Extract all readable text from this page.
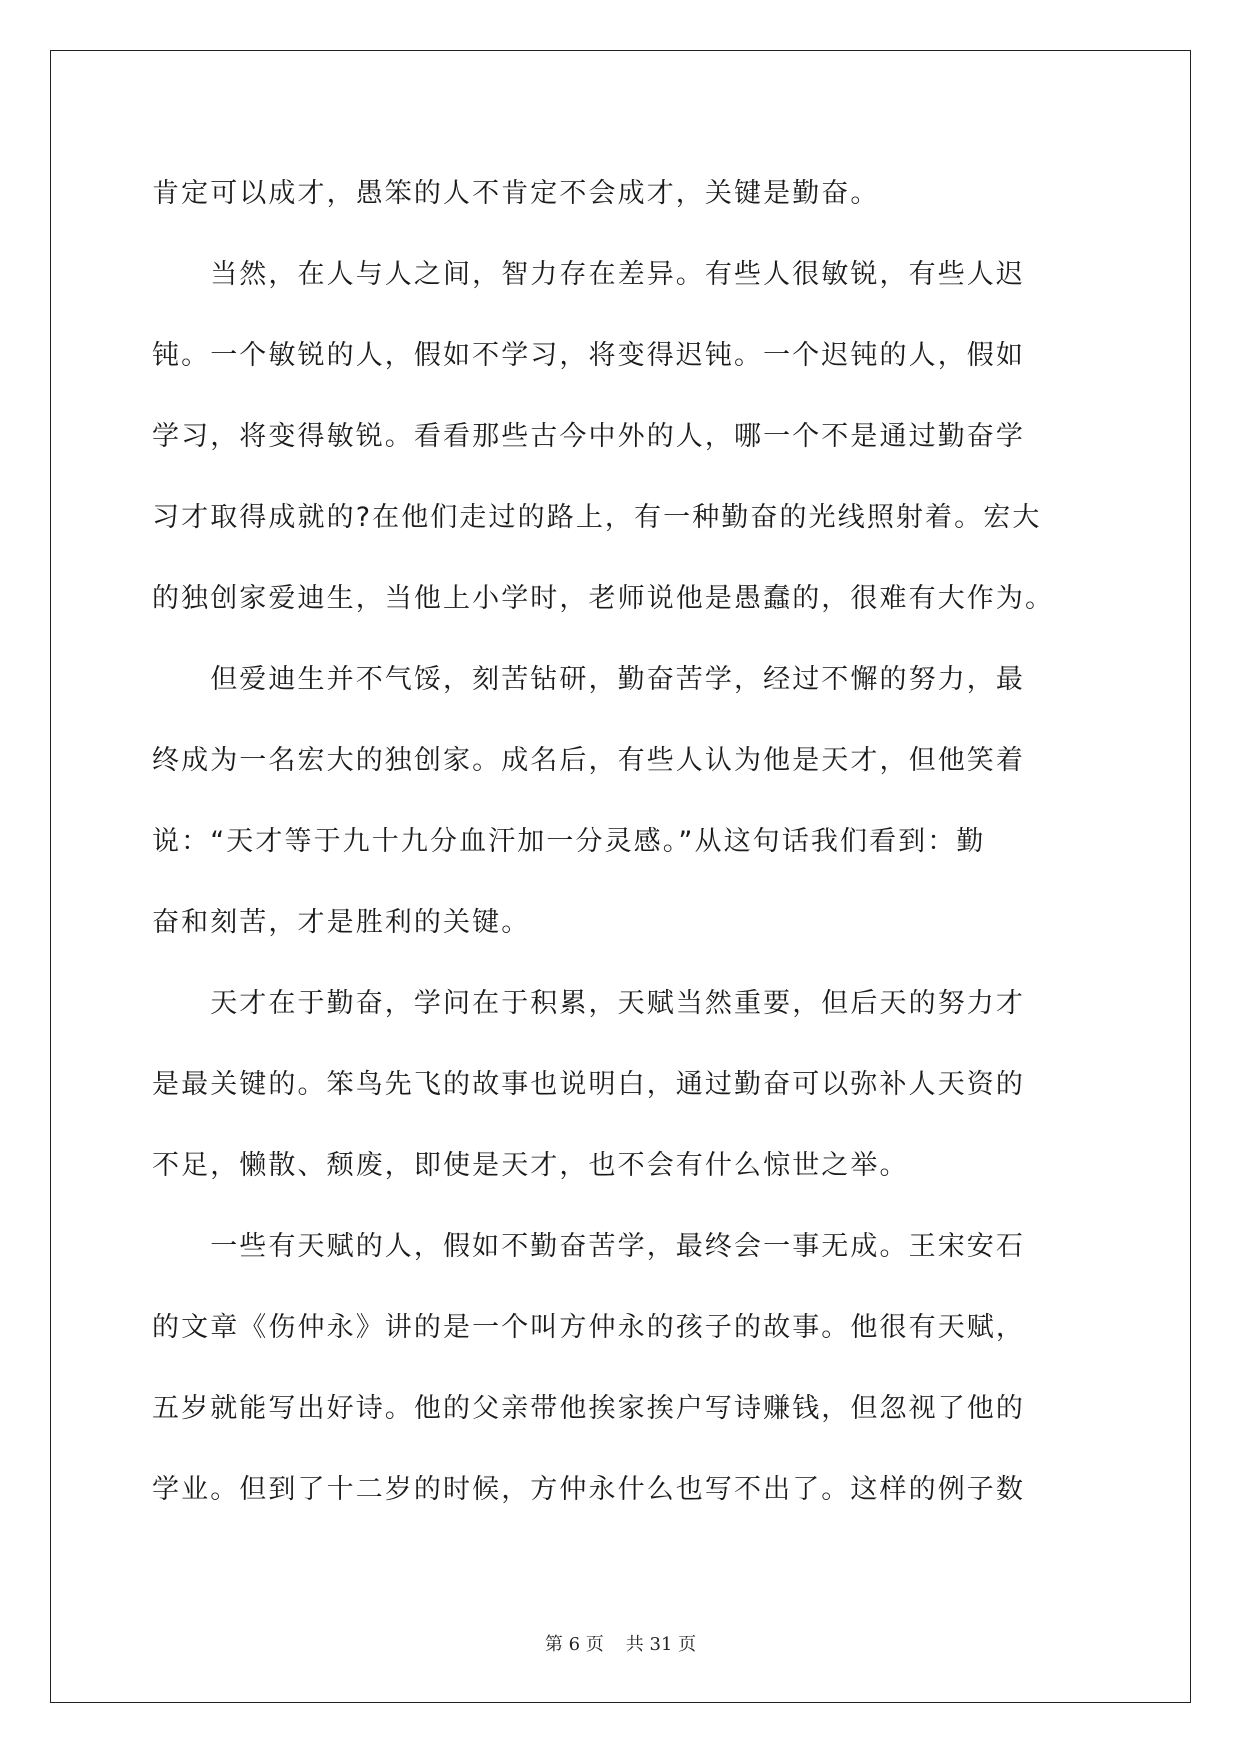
肯定可以成才，愚笨的人不肯定不会成才，关键是勤奋。
　　当然，在人与人之间，智力存在差异。有些人很敏锐，有些人迟
钝。一个敏锐的人，假如不学习，将变得迟钝。一个迟钝的人，假如
学习，将变得敏锐。看看那些古今中外的人，哪一个不是通过勤奋学
习才取得成就的?在他们走过的路上，有一种勤奋的光线照射着。宏大
的独创家爱迪生，当他上小学时，老师说他是愚蠢的，很难有大作为。
　　但爱迪生并不气馁，刻苦钻研，勤奋苦学，经过不懈的努力，最
终成为一名宏大的独创家。成名后，有些人认为他是天才，但他笑着
说：“天才等于九十九分血汗加一分灵感。”从这句话我们看到：勤
奋和刻苦，才是胜利的关键。
　　天才在于勤奋，学问在于积累，天赋当然重要，但后天的努力才
是最关键的。笨鸟先飞的故事也说明白，通过勤奋可以弥补人天资的
不足，懒散、颓废，即使是天才，也不会有什么惊世之举。
　　一些有天赋的人，假如不勤奋苦学，最终会一事无成。王宋安石
的文章《伤仲永》讲的是一个叫方仲永的孩子的故事。他很有天赋，
五岁就能写出好诗。他的父亲带他挨家挨户写诗赚钱，但忽视了他的
学业。但到了十二岁的时候，方仲永什么也写不出了。这样的例子数
第 6 页 共 31 页
